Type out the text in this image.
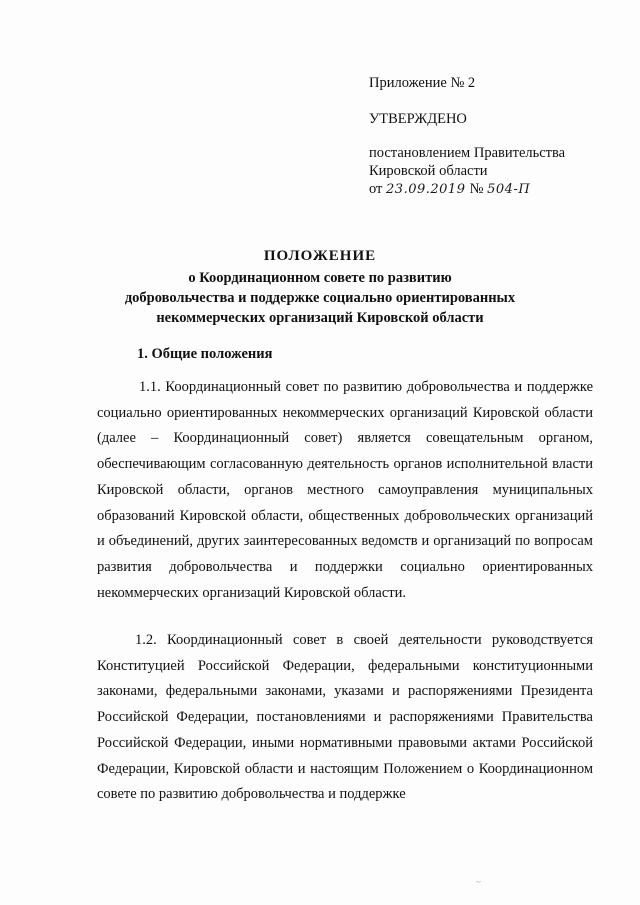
Приложение № 2
УТВЕРЖДЕНО
постановлением Правительства
Кировской области
от 23.09.2019 № 504-П
ПОЛОЖЕНИЕ
о Координационном совете по развитию
добровольчества и поддержке социально ориентированных
некоммерческих организаций Кировской области
1. Общие положения

1.1. Координационный совет по развитию добровольчества и поддержке социально ориентированных некоммерческих организаций Кировской области (далее – Координационный совет) является совещательным органом, обеспечивающим согласованную деятельность органов исполнительной власти Кировской области, органов местного самоуправления муниципальных образований Кировской области, общественных добровольческих организаций и объединений, других заинтересованных ведомств и организаций по вопросам развития добровольчества и поддержки социально ориентированных некоммерческих организаций Кировской области.

1.2. Координационный совет в своей деятельности руководствуется Конституцией Российской Федерации, федеральными конституционными законами, федеральными законами, указами и распоряжениями Президента Российской Федерации, постановлениями и распоряжениями Правительства Российской Федерации, иными нормативными правовыми актами Российской Федерации, Кировской области и настоящим Положением о Координационном совете по развитию добровольчества и поддержке

~
